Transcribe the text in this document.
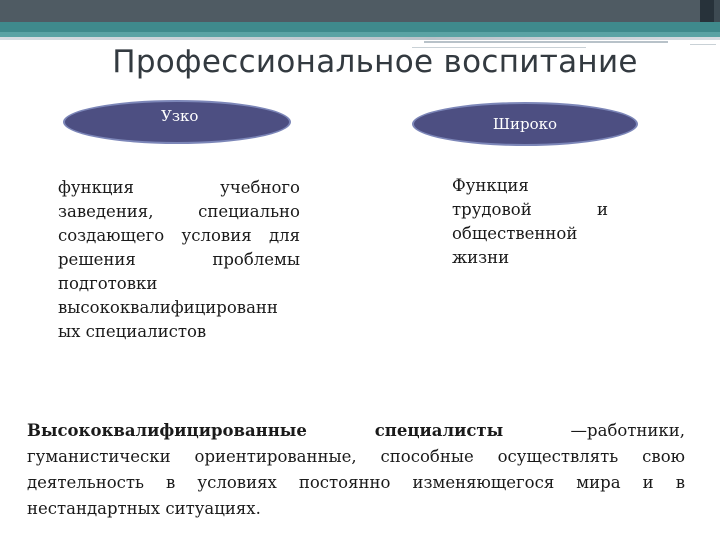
Профессиональное воспитание
Узко	Широко
функция учебного заведения, специально создающего условия для решения проблемы подготовки высококвалифицированн ых специалистов
Функция трудовой и общественной жизни
Высококвалифицированные специалисты —работники, гуманистически ориентированные, способные осуществлять свою деятельность в условиях постоянно изменяющегося мира и в нестандартных ситуациях.
